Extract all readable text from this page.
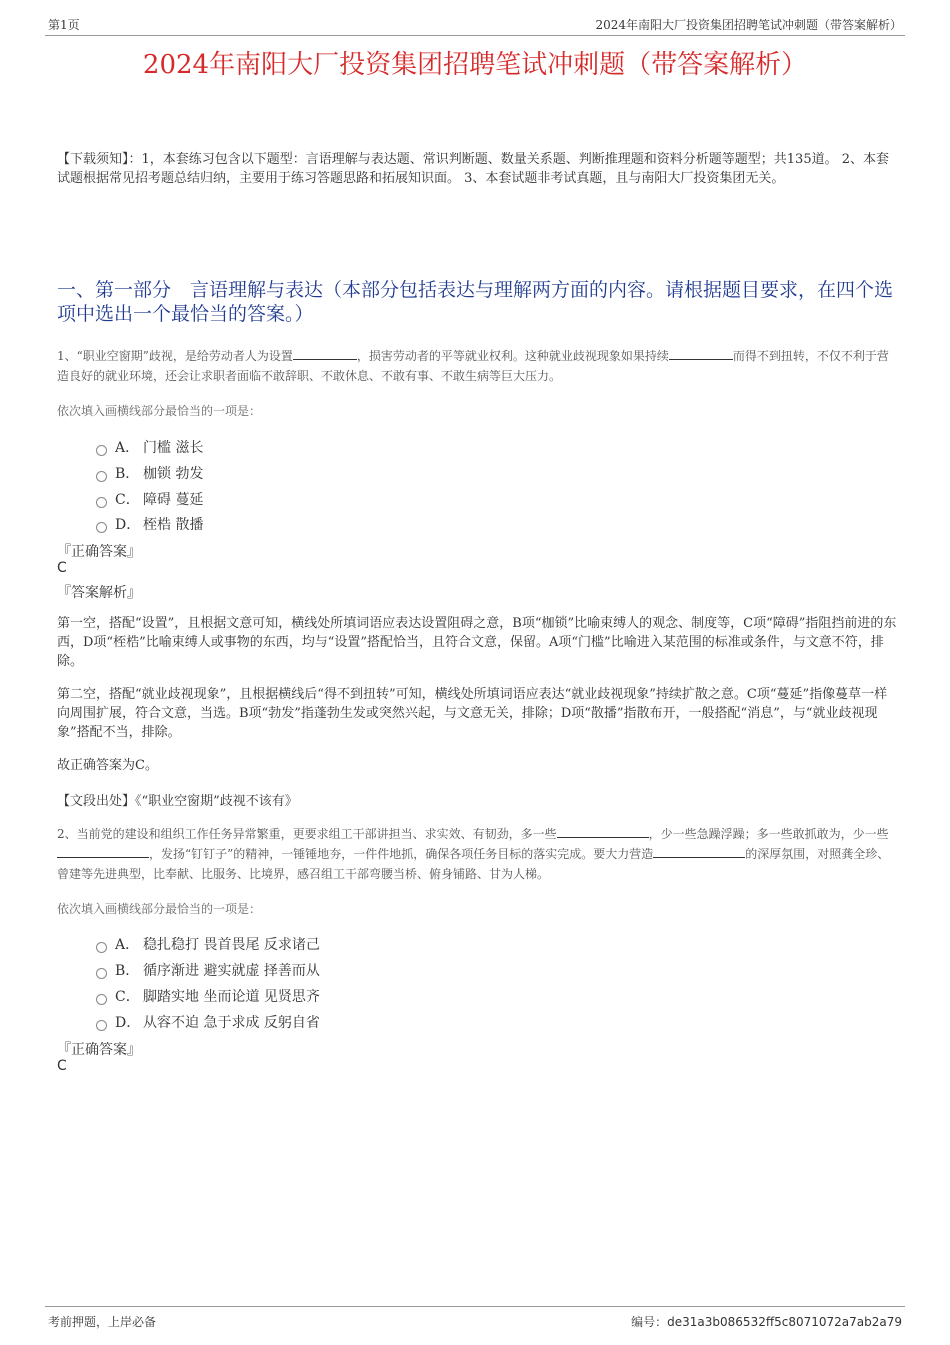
第1页	2024年南阳大厂投资集团招聘笔试冲刺题（带答案解析）
2024年南阳大厂投资集团招聘笔试冲刺题（带答案解析）
【下载须知】：1，本套练习包含以下题型：言语理解与表达题、常识判断题、数量关系题、判断推理题和资料分析题等题型；共135道。 2、本套试题根据常见招考题总结归纳，主要用于练习答题思路和拓展知识面。 3、本套试题非考试真题，且与南阳大厂投资集团无关。
一、第一部分　言语理解与表达（本部分包括表达与理解两方面的内容。请根据题目要求，在四个选项中选出一个最恰当的答案。）
1、“职业空窗期”歧视，是给劳动者人为设置	，损害劳动者的平等就业权利。这种就业歧视现象如果持续	而得不到扭转，不仅不利于营造良好的就业环境，还会让求职者面临不敢辞职、不敢休息、不敢有事、不敢生病等巨大压力。
依次填入画横线部分最恰当的一项是：
A． 门槛 滋长
B． 枷锁 勃发
C． 障碍 蔓延
D． 桎梏 散播
『正确答案』
C
『答案解析』
第一空，搭配“设置”，且根据文意可知，横线处所填词语应表达设置阻碍之意，B项“枷锁”比喻束缚人的观念、制度等，C项“障碍”指阻挡前进的东西，D项“桎梏”比喻束缚人或事物的东西，均与“设置”搭配恰当，且符合文意，保留。A项“门槛”比喻进入某范围的标准或条件，与文意不符，排除。
第二空，搭配“就业歧视现象”，且根据横线后“得不到扭转”可知，横线处所填词语应表达“就业歧视现象”持续扩散之意。C项“蔓延”指像蔓草一样向周围扩展，符合文意，当选。B项“勃发”指蓬勃生发或突然兴起，与文意无关，排除；D项“散播”指散布开，一般搭配“消息”，与“就业歧视现象”搭配不当，排除。
故正确答案为C。
【文段出处】《“职业空窗期”歧视不该有》
2、当前党的建设和组织工作任务异常繁重，更要求组工干部讲担当、求实效、有韧劲，多一些	，少一些急躁浮躁；多一些敢抓敢为，少一些，发扬“钉钉子”的精神，一锤锤地夯，一件件地抓，确保各项任务目标的落实完成。要大力营造	的深厚氛围，对照龚全珍、曾建等先进典型，比奉献、比服务、比境界，感召组工干部弯腰当桥、俯身铺路、甘为人梯。
依次填入画横线部分最恰当的一项是：
A． 稳扎稳打 畏首畏尾 反求诸己
B． 循序渐进 避实就虚 择善而从
C． 脚踏实地 坐而论道 见贤思齐
D． 从容不迫 急于求成 反躬自省
『正确答案』
C
考前押题，上岸必备	编号：de31a3b086532ff5c8071072a7ab2a79
